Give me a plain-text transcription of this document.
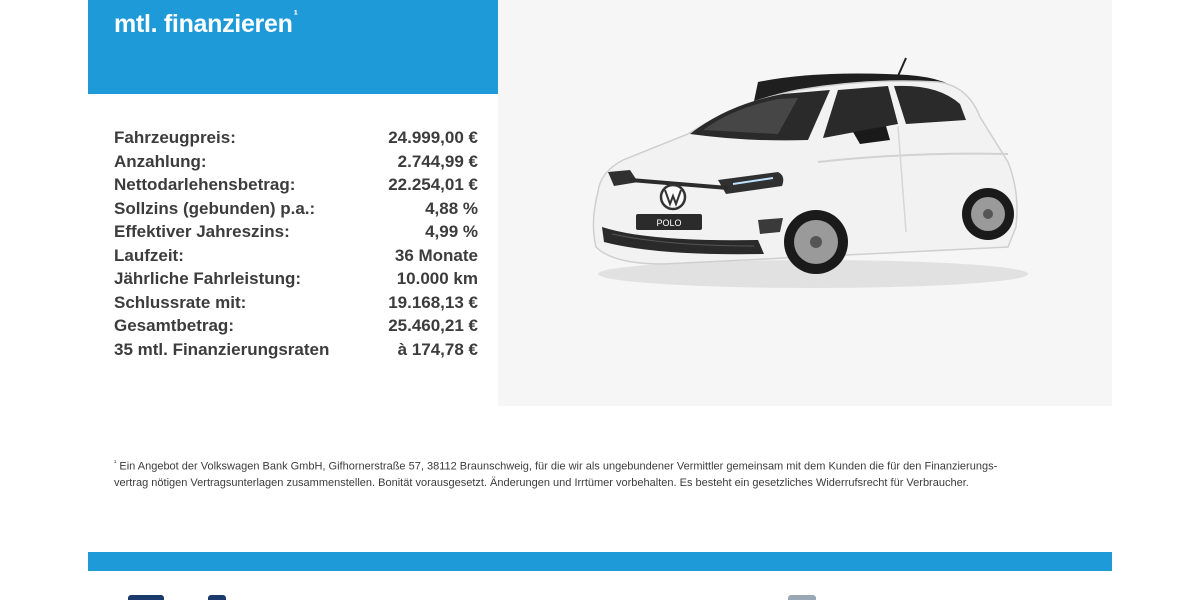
mtl. finanzieren$^{^1}$
POLO
Fahrzeugpreis:	24.999,00 €
Anzahlung:	2.744,99 €
Nettodarlehensbetrag:	22.254,01 €
Sollzins (gebunden) p.a.:	4,88 %
Effektiver Jahreszins:	4,99 %
Laufzeit:	36 Monate
Jährliche Fahrleistung:	10.000 km
Schlussrate mit:	19.168,13 €
Gesamtbetrag:	25.460,21 €
35 mtl. Finanzierungsraten	à 174,78 €
$^{^1}$ Ein Angebot der Volkswagen Bank GmbH, Gifhornerstraße 57, 38112 Braunschweig, für die wir als ungebundener Vermittler gemeinsam mit dem Kunden die für den Finanzierungs-
vertrag nötigen Vertragsunterlagen zusammenstellen. Bonität vorausgesetzt. Änderungen und Irrtümer vorbehalten. Es besteht ein gesetzliches Widerrufsrecht für Verbraucher.
